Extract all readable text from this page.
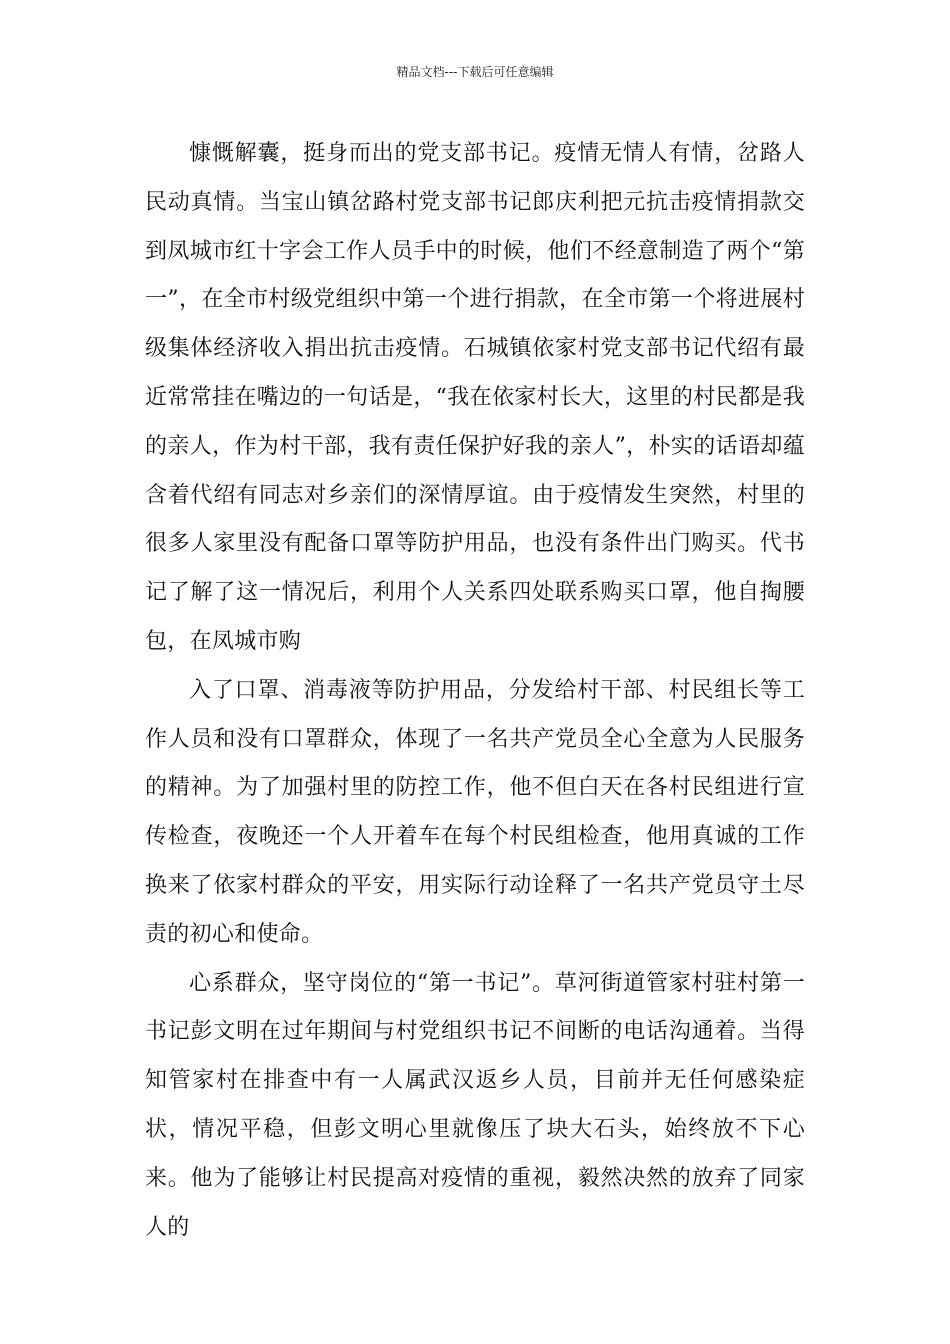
精品文档---下载后可任意编辑

慷慨解囊，挺身而出的党支部书记。疫情无情人有情，岔路人民动真情。当宝山镇岔路村党支部书记郎庆利把元抗击疫情捐款交到凤城市红十字会工作人员手中的时候，他们不经意制造了两个“第一”，在全市村级党组织中第一个进行捐款，在全市第一个将进展村级集体经济收入捐出抗击疫情。石城镇依家村党支部书记代绍有最近常常挂在嘴边的一句话是，“我在依家村长大，这里的村民都是我的亲人，作为村干部，我有责任保护好我的亲人”，朴实的话语却蕴含着代绍有同志对乡亲们的深情厚谊。由于疫情发生突然，村里的很多人家里没有配备口罩等防护用品，也没有条件出门购买。代书记了解了这一情况后，利用个人关系四处联系购买口罩，他自掏腰包，在凤城市购

入了口罩、消毒液等防护用品，分发给村干部、村民组长等工作人员和没有口罩群众，体现了一名共产党员全心全意为人民服务的精神。为了加强村里的防控工作，他不但白天在各村民组进行宣传检查，夜晚还一个人开着车在每个村民组检查，他用真诚的工作换来了依家村群众的平安，用实际行动诠释了一名共产党员守土尽责的初心和使命。

心系群众，坚守岗位的“第一书记”。草河街道管家村驻村第一书记彭文明在过年期间与村党组织书记不间断的电话沟通着。当得知管家村在排查中有一人属武汉返乡人员，目前并无任何感染症状，情况平稳，但彭文明心里就像压了块大石头，始终放不下心来。他为了能够让村民提高对疫情的重视，毅然决然的放弃了同家人的
